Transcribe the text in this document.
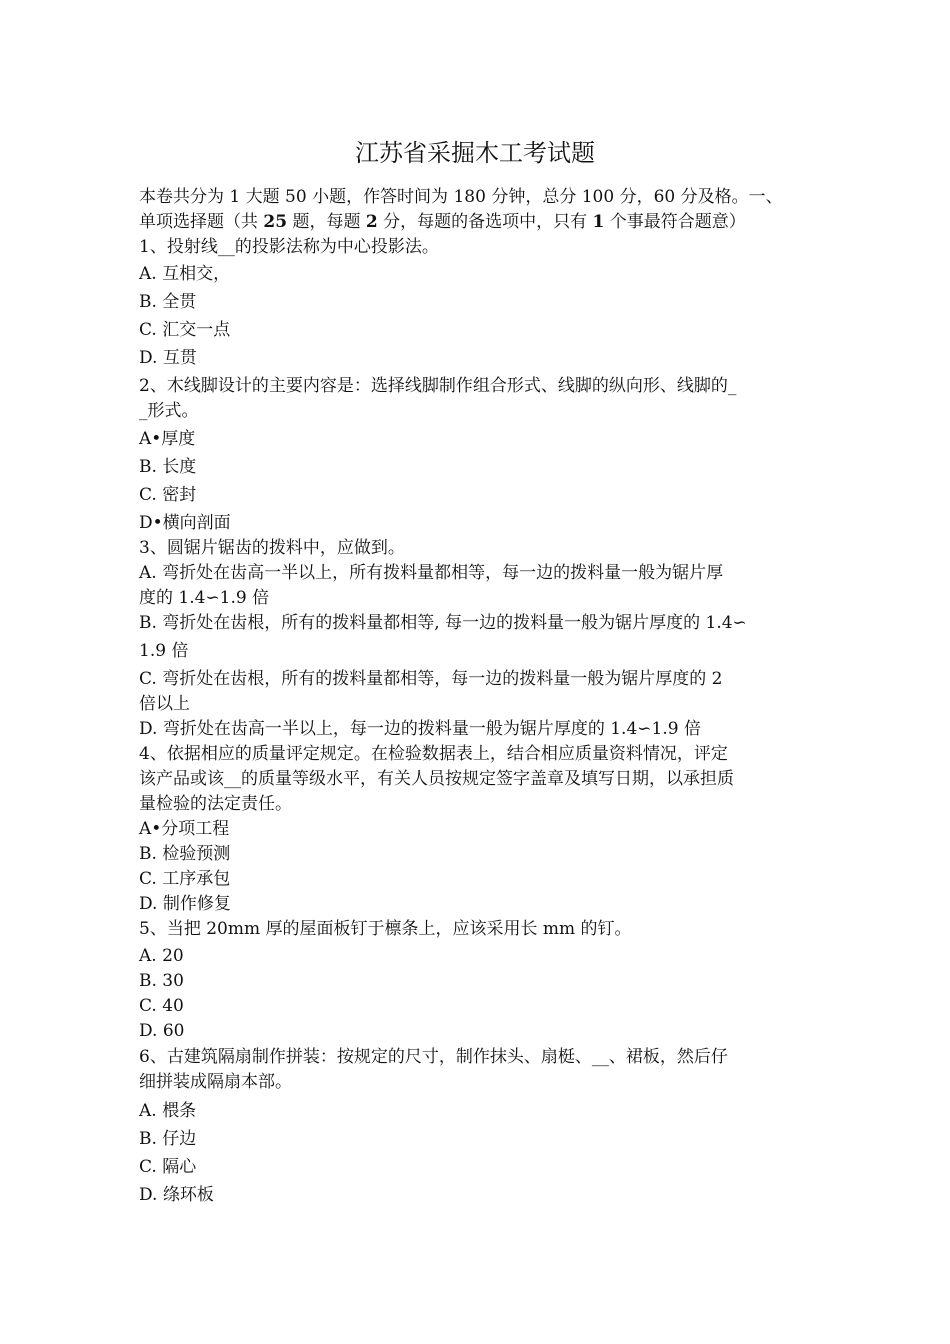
江苏省采掘木工考试题
本卷共分为 1 大题 50 小题，作答时间为 180 分钟，总分 100 分，60 分及格。一、
单项选择题（共 25 题，每题 2 分，每题的备选项中，只有 1 个事最符合题意）
1、投射线__的投影法称为中心投影法。
A. 互相交，
B. 全贯
C. 汇交一点
D. 互贯
2、木线脚设计的主要内容是：选择线脚制作组合形式、线脚的纵向形、线脚的_
_形式。
A•厚度
B. 长度
C. 密封
D•横向剖面
3、圆锯片锯齿的拨料中，应做到。
A. 弯折处在齿高一半以上，所有拨料量都相等，每一边的拨料量一般为锯片厚
度的 1.4∽1.9 倍
B. 弯折处在齿根，所有的拨料量都相等, 每一边的拨料量一般为锯片厚度的 1.4∽
1.9 倍
C. 弯折处在齿根，所有的拨料量都相等，每一边的拨料量一般为锯片厚度的 2
倍以上
D. 弯折处在齿高一半以上，每一边的拨料量一般为锯片厚度的 1.4∽1.9 倍
4、依据相应的质量评定规定。在检验数据表上，结合相应质量资料情况，评定
该产品或该__的质量等级水平，有关人员按规定签字盖章及填写日期，以承担质
量检验的法定责任。
A•分项工程
B. 检验预测
C. 工序承包
D. 制作修复
5、当把 20mm 厚的屋面板钉于檩条上，应该采用长 mm 的钉。
A. 20
B. 30
C. 40
D. 60
6、古建筑隔扇制作拼装：按规定的尺寸，制作抹头、扇梃、__、裙板，然后仔
细拼装成隔扇本部。
A. 椳条
B. 仔边
C. 隔心
D. 绦环板
